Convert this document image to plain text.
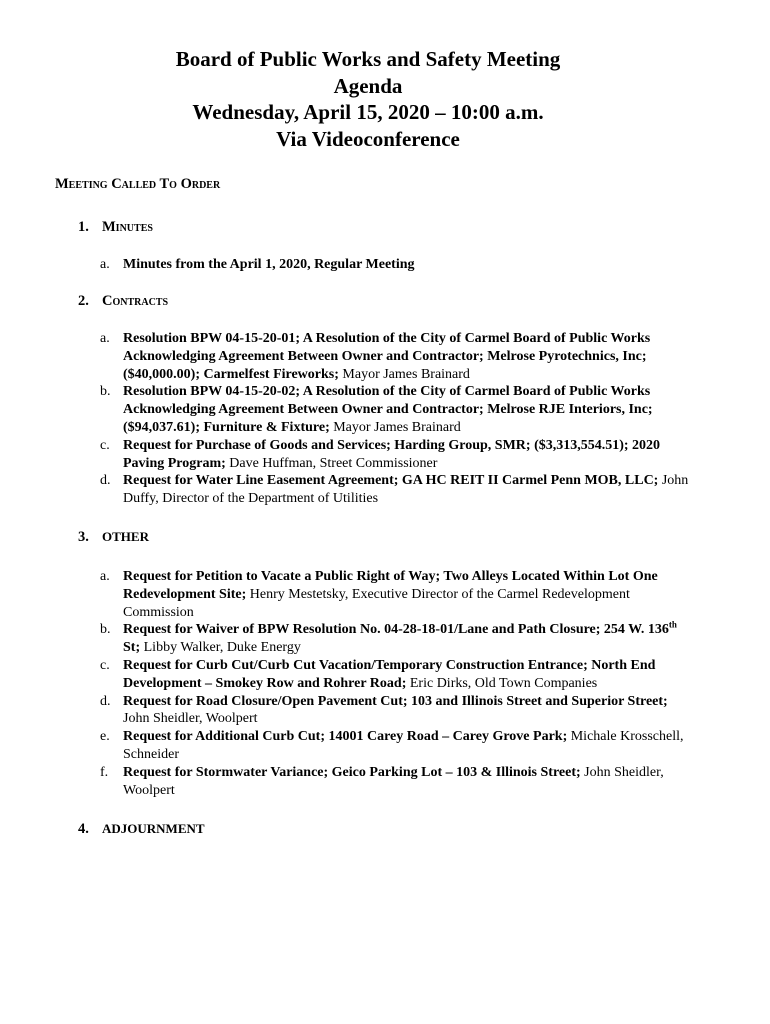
Board of Public Works and Safety Meeting
Agenda
Wednesday, April 15, 2020 – 10:00 a.m.
Via Videoconference
Meeting Called To Order
1. Minutes
a. Minutes from the April 1, 2020, Regular Meeting
2. Contracts
a. Resolution BPW 04-15-20-01; A Resolution of the City of Carmel Board of Public Works Acknowledging Agreement Between Owner and Contractor; Melrose Pyrotechnics, Inc; ($40,000.00); Carmelfest Fireworks; Mayor James Brainard
b. Resolution BPW 04-15-20-02; A Resolution of the City of Carmel Board of Public Works Acknowledging Agreement Between Owner and Contractor; Melrose RJE Interiors, Inc; ($94,037.61); Furniture & Fixture; Mayor James Brainard
c. Request for Purchase of Goods and Services; Harding Group, SMR; ($3,313,554.51); 2020 Paving Program; Dave Huffman, Street Commissioner
d. Request for Water Line Easement Agreement; GA HC REIT II Carmel Penn MOB, LLC; John Duffy, Director of the Department of Utilities
3. OTHER
a. Request for Petition to Vacate a Public Right of Way; Two Alleys Located Within Lot One Redevelopment Site; Henry Mestetsky, Executive Director of the Carmel Redevelopment Commission
b. Request for Waiver of BPW Resolution No. 04-28-18-01/Lane and Path Closure; 254 W. 136th St; Libby Walker, Duke Energy
c. Request for Curb Cut/Curb Cut Vacation/Temporary Construction Entrance; North End Development – Smokey Row and Rohrer Road; Eric Dirks, Old Town Companies
d. Request for Road Closure/Open Pavement Cut; 103 and Illinois Street and Superior Street; John Sheidler, Woolpert
e. Request for Additional Curb Cut; 14001 Carey Road – Carey Grove Park; Michale Krosschell, Schneider
f. Request for Stormwater Variance; Geico Parking Lot – 103 & Illinois Street; John Sheidler, Woolpert
4. ADJOURNMENT
